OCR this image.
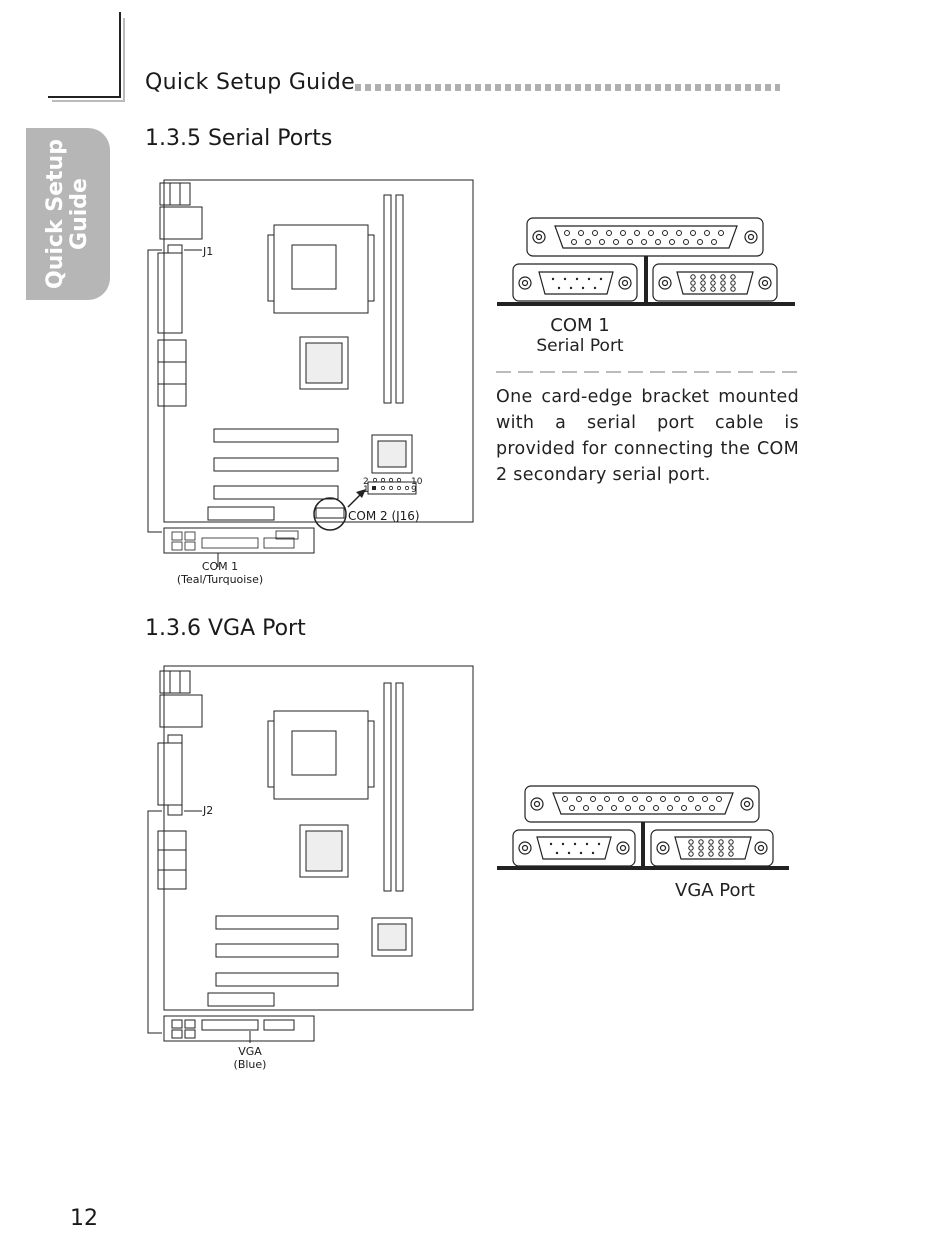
Quick Setup Guide
Quick Setup Guide
1.3.5 Serial Ports
J1
2
1
10
9
COM 2 (J16)
COM 1
(Teal/Turquoise)
COM 1
Serial Port
One card-edge bracket mounted with a serial port cable is provided for connecting the COM 2 secondary serial port.
1.3.6 VGA Port
J2
VGA
(Blue)
VGA Port
12
